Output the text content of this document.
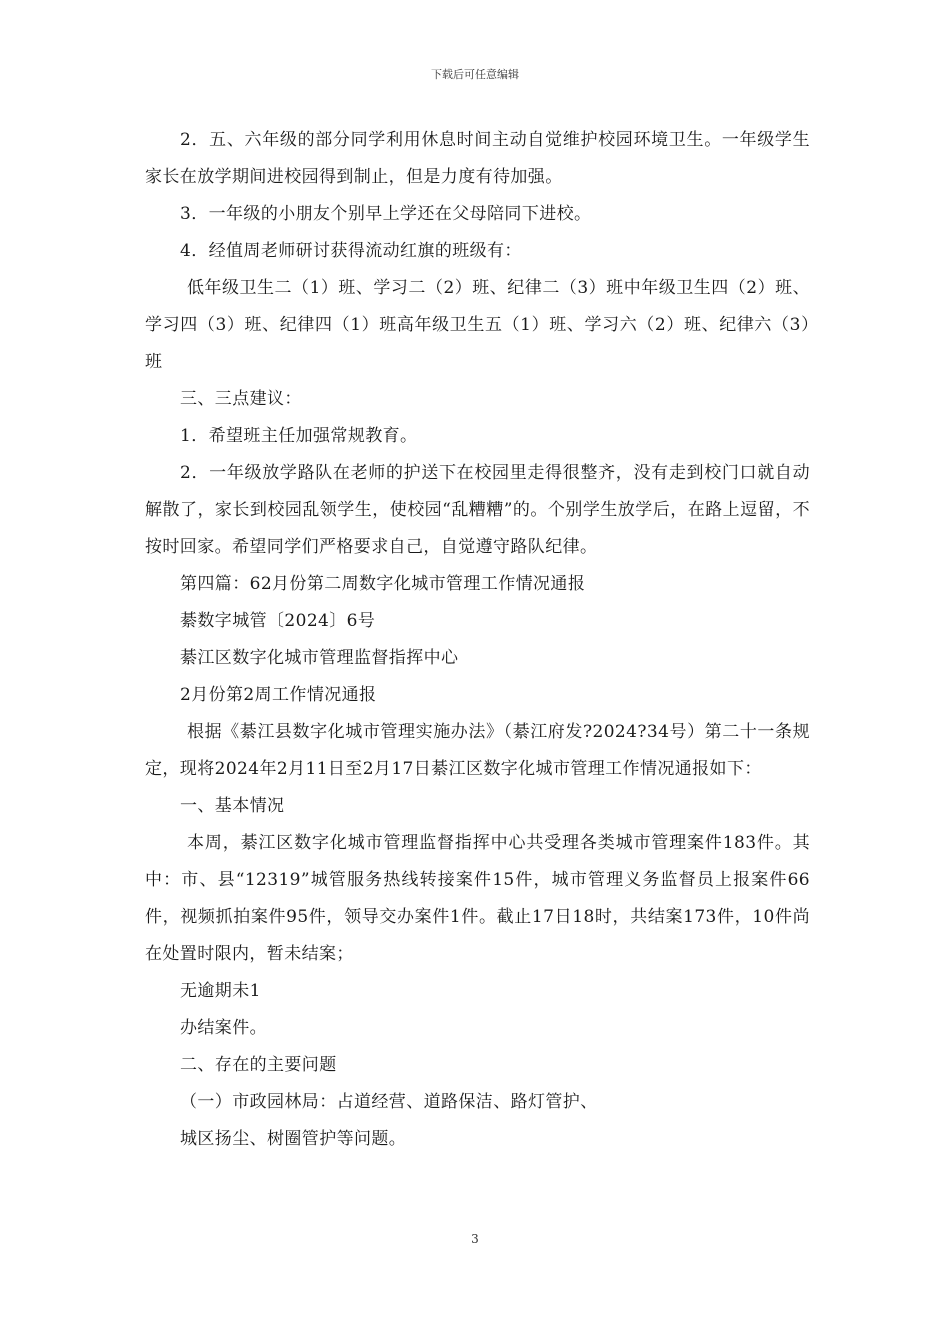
下载后可任意编辑

2．五、六年级的部分同学利用休息时间主动自觉维护校园环境卫生。一年级学生家长在放学期间进校园得到制止，但是力度有待加强。

3．一年级的小朋友个别早上学还在父母陪同下进校。

4．经值周老师研讨获得流动红旗的班级有：

低年级卫生二（1）班、学习二（2）班、纪律二（3）班中年级卫生四（2）班、学习四（3）班、纪律四（1）班高年级卫生五（1）班、学习六（2）班、纪律六（3）班

三、三点建议：

1．希望班主任加强常规教育。

2．一年级放学路队在老师的护送下在校园里走得很整齐，没有走到校门口就自动解散了，家长到校园乱领学生，使校园“乱糟糟”的。个别学生放学后，在路上逗留，不按时回家。希望同学们严格要求自己，自觉遵守路队纪律。

第四篇：62月份第二周数字化城市管理工作情况通报

綦数字城管〔2024〕6号

綦江区数字化城市管理监督指挥中心

2月份第2周工作情况通报

根据《綦江县数字化城市管理实施办法》（綦江府发?2024?34号）第二十一条规定，现将2024年2月11日至2月17日綦江区数字化城市管理工作情况通报如下：

一、基本情况

本周，綦江区数字化城市管理监督指挥中心共受理各类城市管理案件183件。其中：市、县“12319”城管服务热线转接案件15件，城市管理义务监督员上报案件66件，视频抓拍案件95件，领导交办案件1件。截止17日18时，共结案173件，10件尚在处置时限内，暂未结案；

无逾期未1

办结案件。

二、存在的主要问题

（一）市政园林局：占道经营、道路保洁、路灯管护、

城区扬尘、树圈管护等问题。

3
